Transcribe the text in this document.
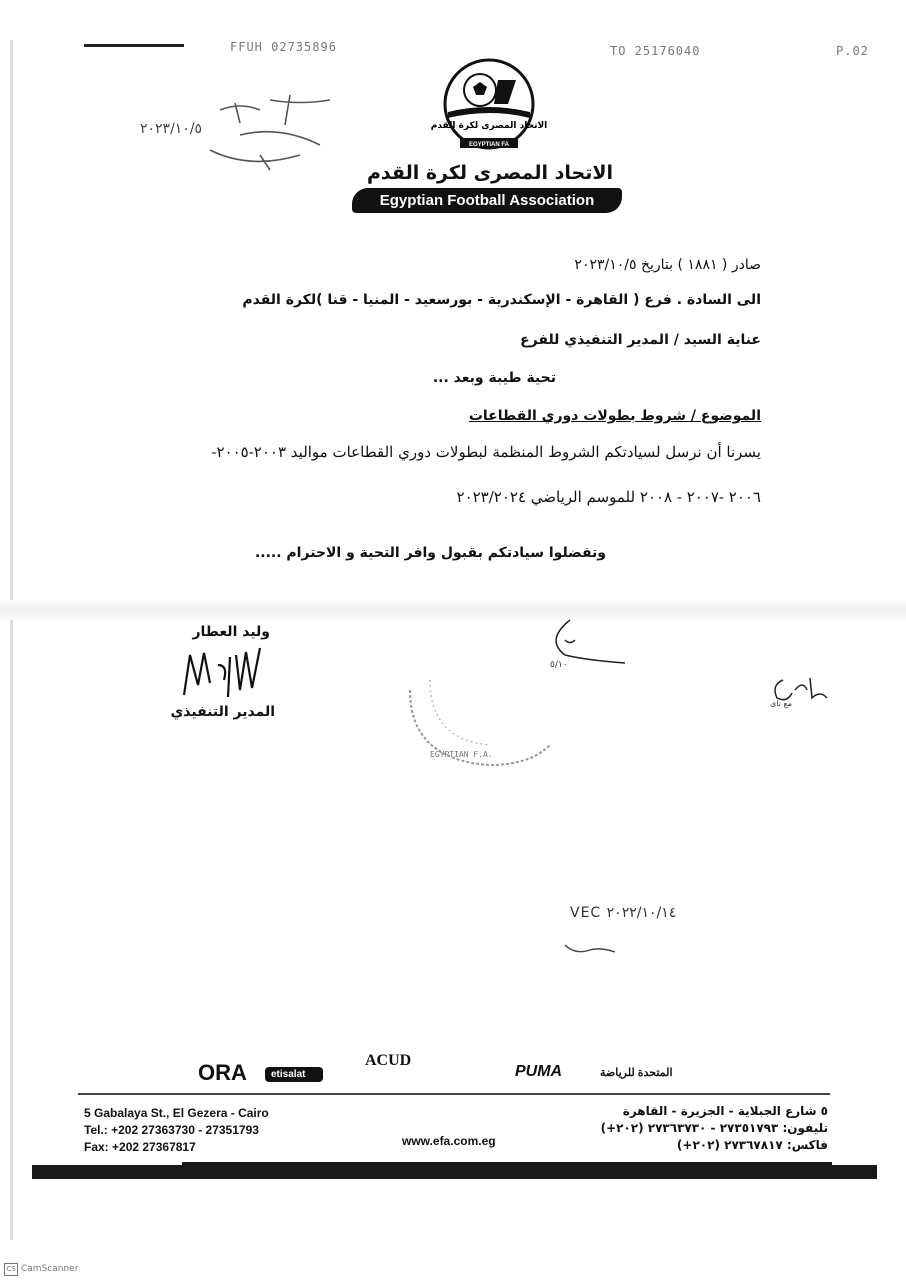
FFUH 02735896	TO 25176040	P.02
٢٠٢٣/١٠/٥	الاتحاد المصرى لكرة القدم
EGYPTIAN FA
الاتحاد المصرى لكرة القدم
Egyptian Football Association
صادر ( ١٨٨١ ) بتاريخ ٢٠٢٣/١٠/٥
الى السادة . فرع ( القاهرة - الإسكندرية - بورسعيد - المنيا - قنا )لكرة القدم
عناية السيد / المدير التنفيذي للفرع
تحية طيبة وبعد ...
الموضوع / شروط بطولات دوري القطاعات
يسرنا أن نرسل لسيادتكم الشروط المنظمة لبطولات دوري القطاعات مواليد ٢٠٠٣-٢٠٠٥-
٢٠٠٦ -٢٠٠٧ - ٢٠٠٨ للموسم الرياضي ٢٠٢٣/٢٠٢٤
وتفضلوا سيادتكم بقبول وافر التحية و الاحترام .....
وليد العطار
المدير التنفيذي
٥/١٠
EGYPTIAN F.A.
مع ناى
VEC ٢٠٢٢/١٠/١٤
ORA	etisalat
ACUD
PUMA	المتحدة للرياضة
5 Gabalaya St., El Gezera - Cairo
Tel.: +202 27363730 - 27351793
Fax: +202 27367817	www.efa.com.eg
٥ شارع الجبلاية - الجزيرة - القاهرة
تليفون: ٢٧٣٥١٧٩٣ - ٢٧٣٦٣٧٣٠ (٢٠٢+)
فاكس: ٢٧٣٦٧٨١٧ (٢٠٢+)
CS CamScanner
